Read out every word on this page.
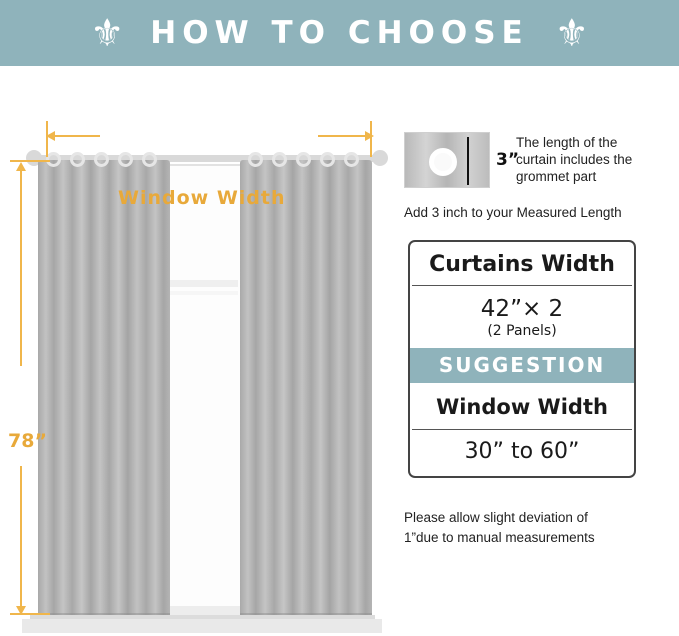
⚜ HOW TO CHOOSE ⚜
Window Width
78”
3”
The length of the curtain includes the grommet part
Add 3 inch to your Measured Length
Curtains Width
42”× 2
(2 Panels)
SUGGESTION
Window Width
30” to 60”
Please allow slight deviation of
1”due to manual measurements
